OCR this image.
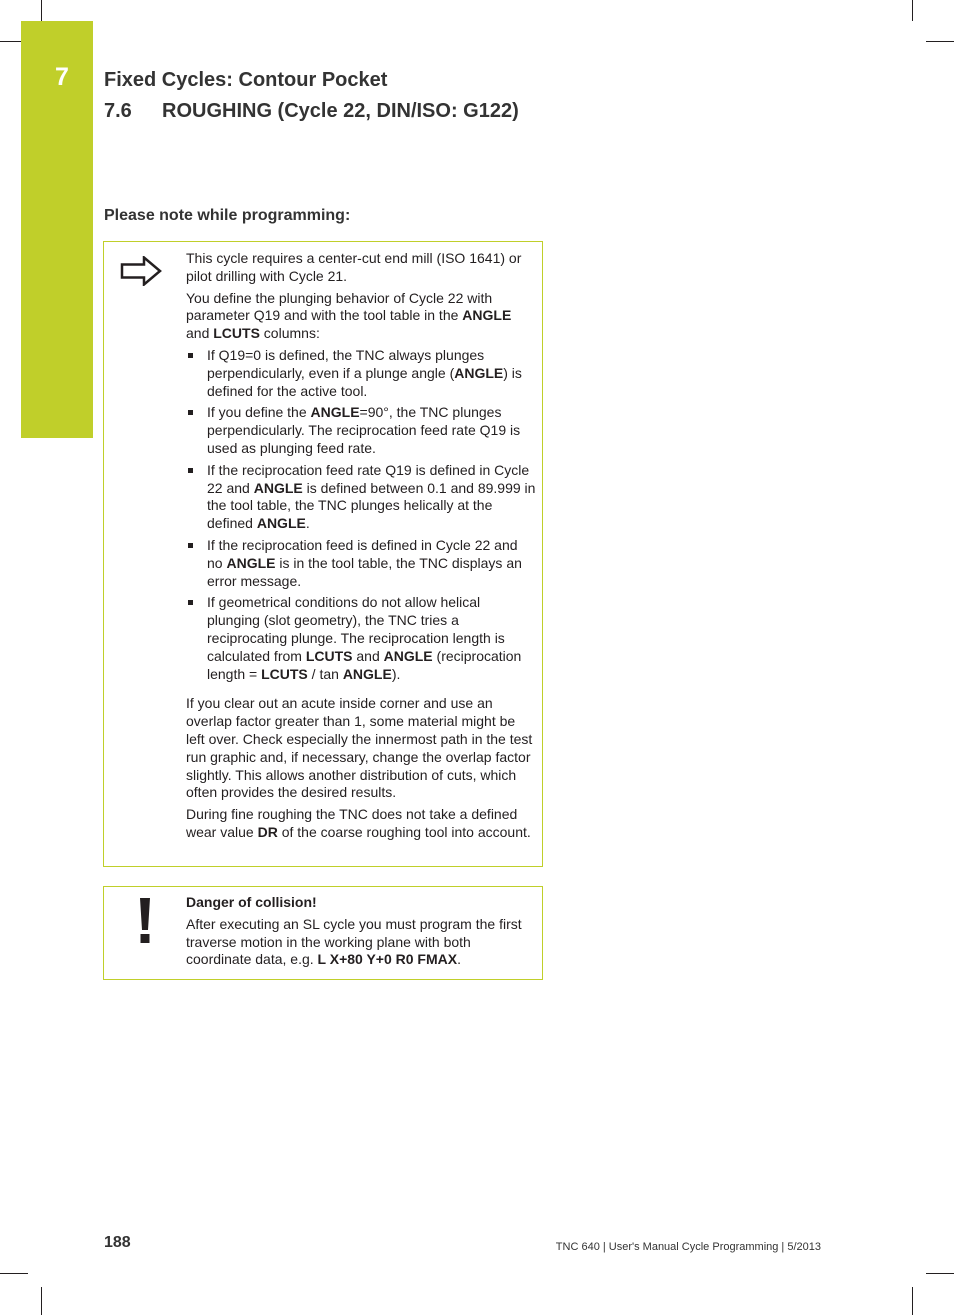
7 Fixed Cycles: Contour Pocket
7.6 ROUGHING (Cycle 22, DIN/ISO: G122)
Please note while programming:

This cycle requires a center-cut end mill (ISO 1641) or pilot drilling with Cycle 21.

You define the plunging behavior of Cycle 22 with parameter Q19 and with the tool table in the ANGLE and LCUTS columns:

If Q19=0 is defined, the TNC always plunges perpendicularly, even if a plunge angle (ANGLE) is defined for the active tool.
If you define the ANGLE=90°, the TNC plunges perpendicularly. The reciprocation feed rate Q19 is used as plunging feed rate.
If the reciprocation feed rate Q19 is defined in Cycle 22 and ANGLE is defined between 0.1 and 89.999 in the tool table, the TNC plunges helically at the defined ANGLE.
If the reciprocation feed is defined in Cycle 22 and no ANGLE is in the tool table, the TNC displays an error message.
If geometrical conditions do not allow helical plunging (slot geometry), the TNC tries a reciprocating plunge. The reciprocation length is calculated from LCUTS and ANGLE (reciprocation length = LCUTS / tan ANGLE).

If you clear out an acute inside corner and use an overlap factor greater than 1, some material might be left over. Check especially the innermost path in the test run graphic and, if necessary, change the overlap factor slightly. This allows another distribution of cuts, which often provides the desired results.

During fine roughing the TNC does not take a defined wear value DR of the coarse roughing tool into account.

Danger of collision!

After executing an SL cycle you must program the first traverse motion in the working plane with both coordinate data, e.g. L X+80 Y+0 R0 FMAX.

188	TNC 640 | User's Manual Cycle Programming | 5/2013
